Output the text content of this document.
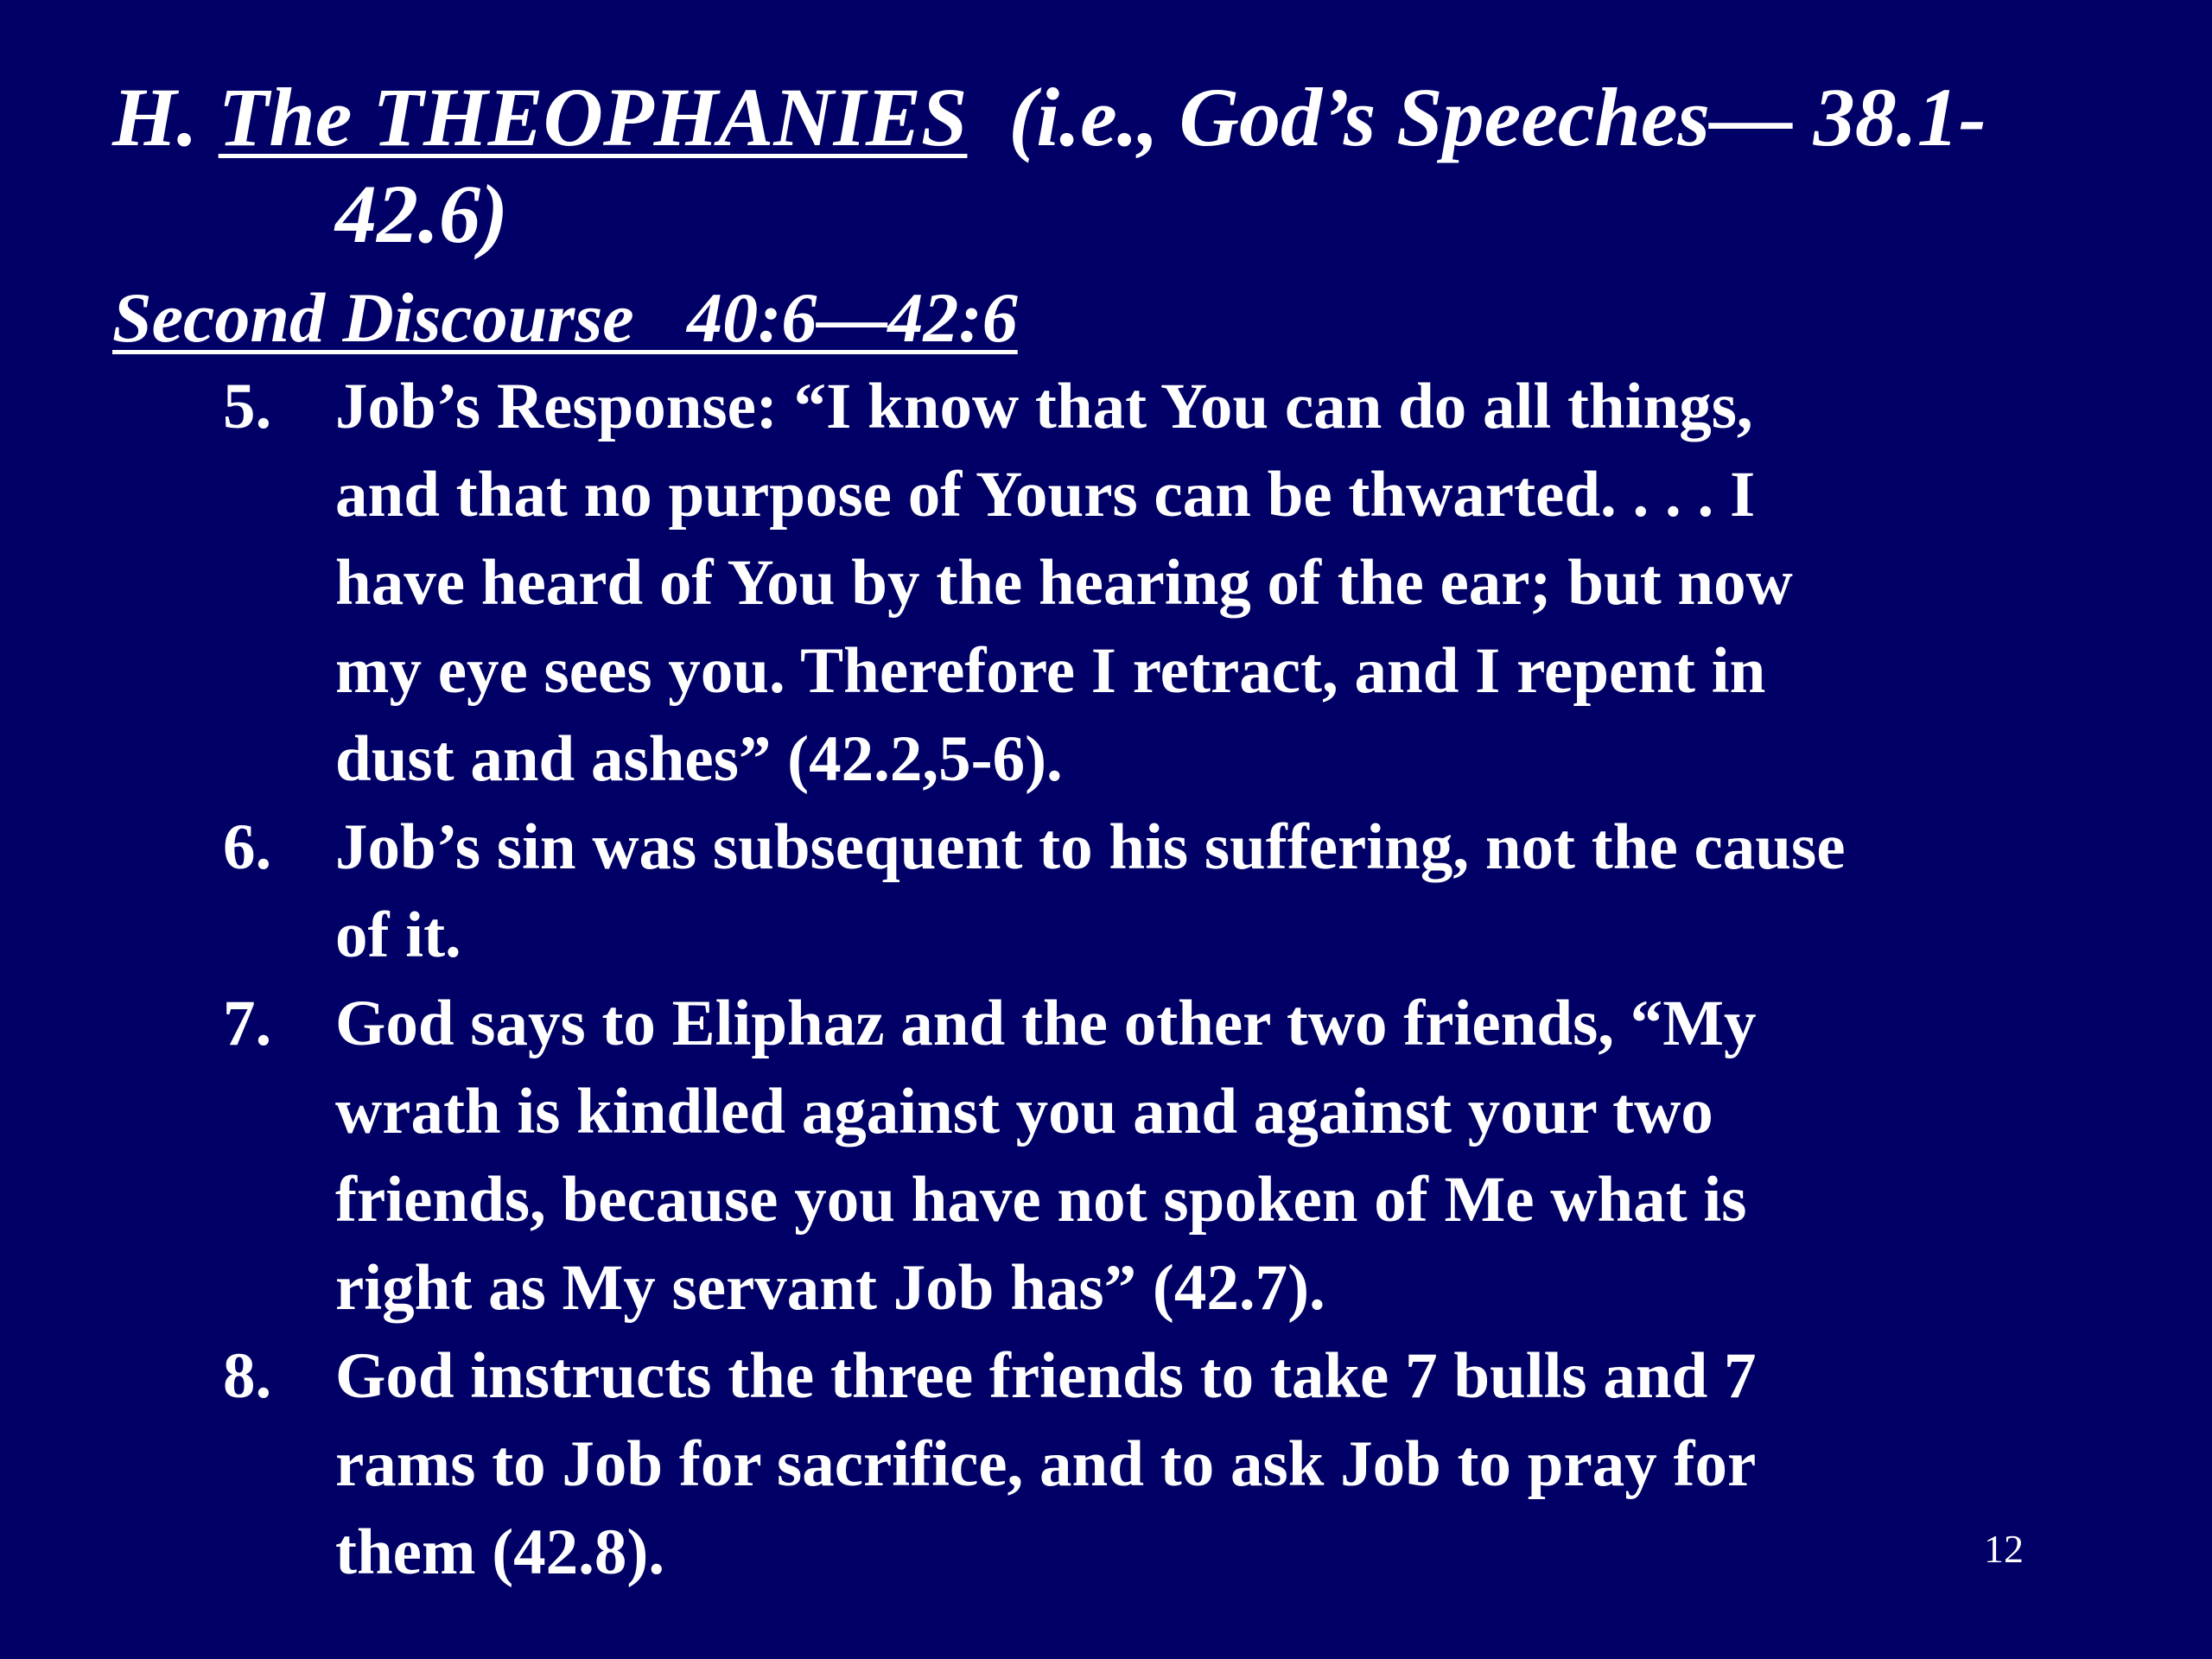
H. The THEOPHANIES  (i.e., God’s Speeches— 38.1-
42.6)
Second Discourse   40:6—42:6
5. Job’s Response: “I know that You can do all things,
and that no purpose of Yours can be thwarted. . . . I
have heard of You by the hearing of the ear; but now
my eye sees you. Therefore I retract, and I repent in
dust and ashes” (42.2,5-6).
6. Job’s sin was subsequent to his suffering, not the cause
of it.
7. God says to Eliphaz and the other two friends, “My
wrath is kindled against you and against your two
friends, because you have not spoken of Me what is
right as My servant Job has” (42.7).
8. God instructs the three friends to take 7 bulls and 7
rams to Job for sacrifice, and to ask Job to pray for
them (42.8).	12
